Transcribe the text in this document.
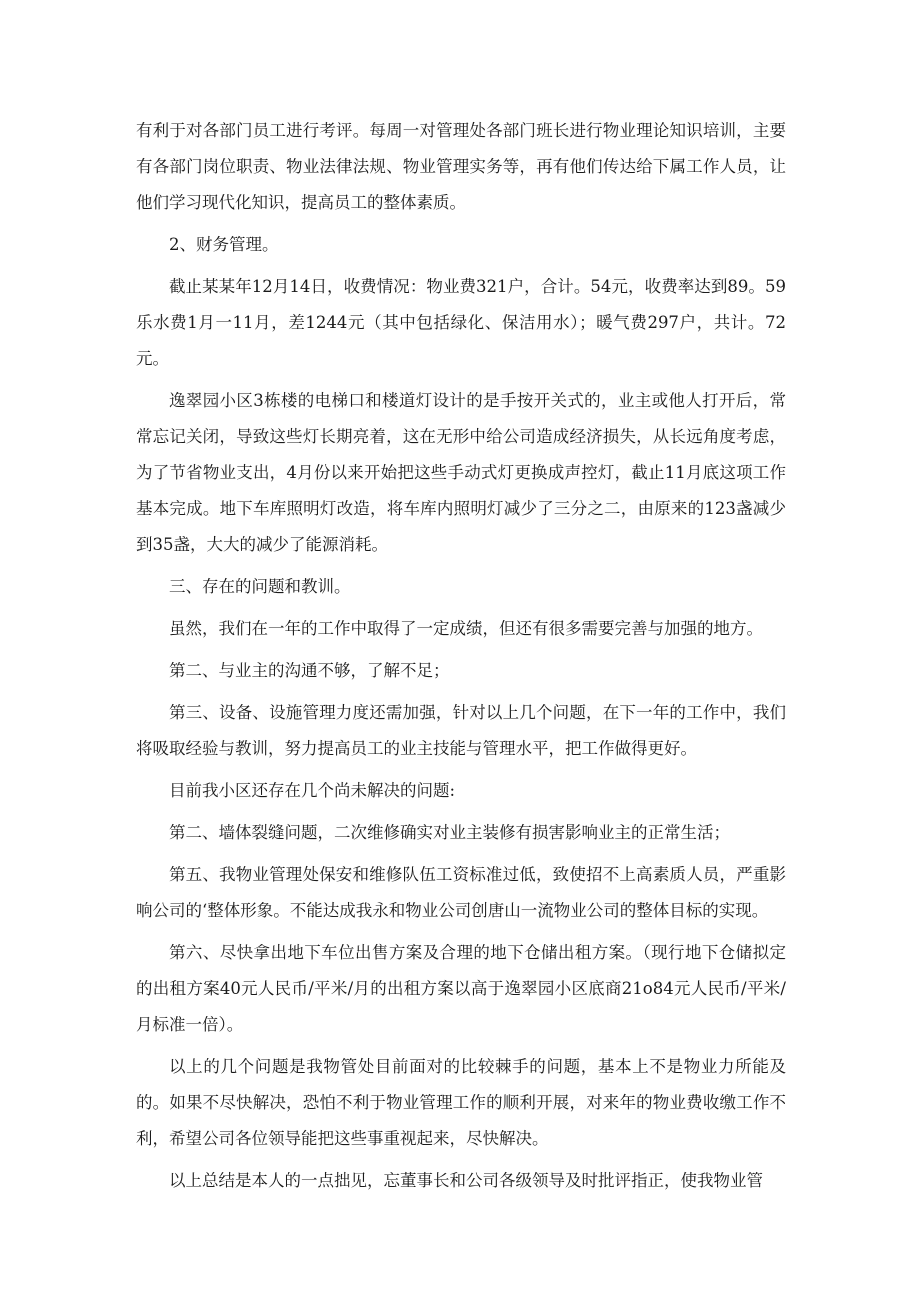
有利于对各部门员工进行考评。每周一对管理处各部门班长进行物业理论知识培训，主要有各部门岗位职责、物业法律法规、物业管理实务等，再有他们传达给下属工作人员，让他们学习现代化知识，提高员工的整体素质。

2、财务管理。

截止某某年12月14日，收费情况：物业费321户，合计。54元，收费率达到89。59乐水费1月一11月，差1244元（其中包括绿化、保洁用水）；暖气费297户，共计。72元。

逸翠园小区3栋楼的电梯口和楼道灯设计的是手按开关式的，业主或他人打开后，常常忘记关闭，导致这些灯长期亮着，这在无形中给公司造成经济损失，从长远角度考虑，为了节省物业支出，4月份以来开始把这些手动式灯更换成声控灯，截止11月底这项工作基本完成。地下车库照明灯改造，将车库内照明灯减少了三分之二，由原来的123盏减少到35盏，大大的减少了能源消耗。

三、存在的问题和教训。

虽然，我们在一年的工作中取得了一定成绩，但还有很多需要完善与加强的地方。

第二、与业主的沟通不够，了解不足；

第三、设备、设施管理力度还需加强，针对以上几个问题，在下一年的工作中，我们将吸取经验与教训，努力提高员工的业主技能与管理水平，把工作做得更好。

目前我小区还存在几个尚未解决的问题:

第二、墙体裂缝问题，二次维修确实对业主装修有损害影响业主的正常生活；

第五、我物业管理处保安和维修队伍工资标准过低，致使招不上高素质人员，严重影响公司的‘整体形象。不能达成我永和物业公司创唐山一流物业公司的整体目标的实现。

第六、尽快拿出地下车位出售方案及合理的地下仓储出租方案。（现行地下仓储拟定的出租方案40元人民币/平米/月的出租方案以高于逸翠园小区底商21o84元人民币/平米/月标准一倍）。

以上的几个问题是我物管处目前面对的比较棘手的问题，基本上不是物业力所能及的。如果不尽快解决，恐怕不利于物业管理工作的顺利开展，对来年的物业费收缴工作不利，希望公司各位领导能把这些事重视起来，尽快解决。

以上总结是本人的一点拙见，忘董事长和公司各级领导及时批评指正，使我物业管
